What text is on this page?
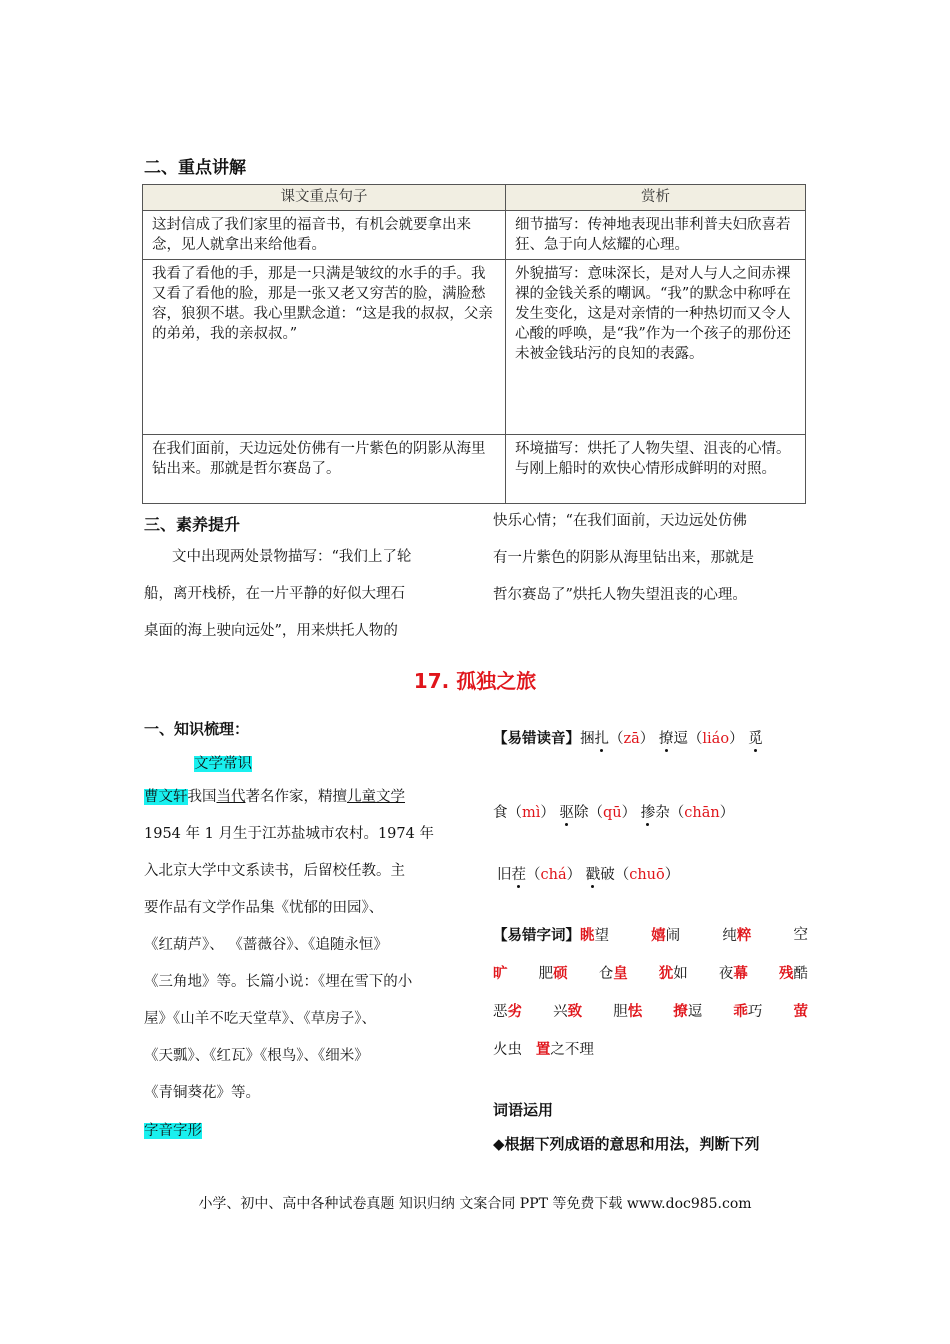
二、重点讲解
课文重点句子	赏析
这封信成了我们家里的福音书，有机会就要拿出来念，见人就拿出来给他看。	细节描写：传神地表现出菲利普夫妇欣喜若狂、急于向人炫耀的心理。
我看了看他的手，那是一只满是皱纹的水手的手。我又看了看他的脸，那是一张又老又穷苦的脸，满脸愁容，狼狈不堪。我心里默念道：“这是我的叔叔，父亲的弟弟，我的亲叔叔。”	外貌描写：意味深长，是对人与人之间赤裸裸的金钱关系的嘲讽。“我”的默念中称呼在发生变化，这是对亲情的一种热切而又令人心酸的呼唤，是“我”作为一个孩子的那份还未被金钱玷污的良知的表露。
在我们面前，天边远处仿佛有一片紫色的阴影从海里钻出来。那就是哲尔赛岛了。	环境描写：烘托了人物失望、沮丧的心情。与刚上船时的欢快心情形成鲜明的对照。
三、素养提升
文中出现两处景物描写：“我们上了轮
船，离开栈桥，在一片平静的好似大理石
桌面的海上驶向远处”，用来烘托人物的
快乐心情；“在我们面前，天边远处仿佛
有一片紫色的阴影从海里钻出来，那就是
哲尔赛岛了”烘托人物失望沮丧的心理。
17. 孤独之旅
一、知识梳理：
文学常识
曹文轩我国当代著名作家，精擅儿童文学
1954 年 1 月生于江苏盐城市农村。1974 年
入北京大学中文系读书，后留校任教。主
要作品有文学作品集《忧郁的田园》、
《红葫芦》、 《蔷薇谷》、《追随永恒》
《三角地》等。长篇小说：《埋在雪下的小
屋》《山羊不吃天堂草》、《草房子》、
《天瓢》、《红瓦》《根鸟》、《细米》
《青铜葵花》等。
字音字形
【易错读音】捆扎（zā） 撩逗（liáo） 觅
食（mì） 驱除（qū） 掺杂（chān）
旧茬（chá） 戳破（chuō）
【易错字词】眺望	嬉闹	纯粹	空
旷 肥硕 仓皇 犹如 夜幕 残酷
恶劣 兴致 胆怯 撩逗 乖巧 萤
火虫 置之不理
词语运用
◆根据下列成语的意思和用法，判断下列
小学、初中、高中各种试卷真题 知识归纳 文案合同 PPT 等免费下载 www.doc985.com
